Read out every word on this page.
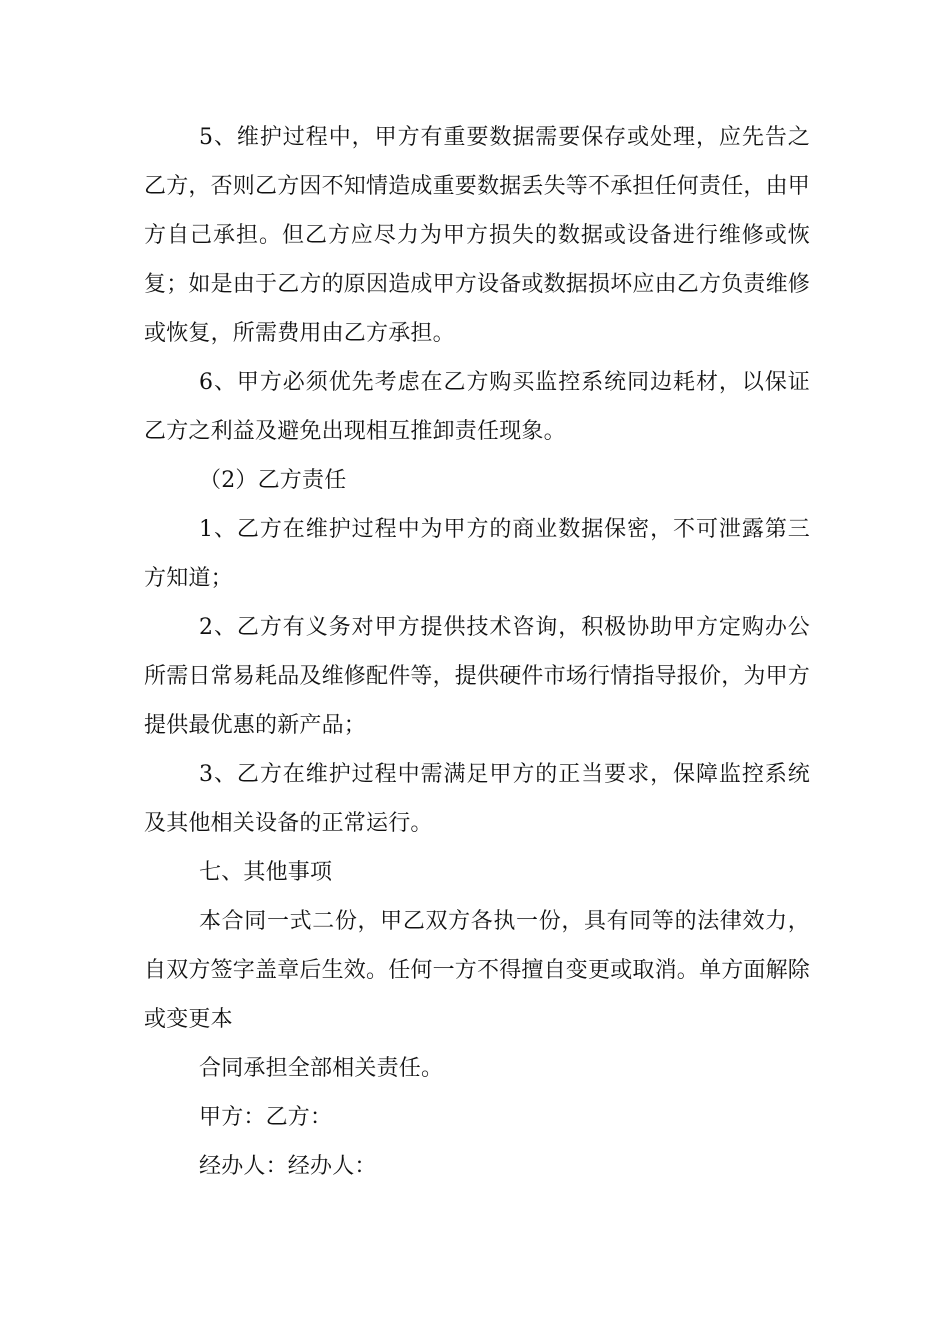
5、维护过程中，甲方有重要数据需要保存或处理，应先告之乙方，否则乙方因不知情造成重要数据丢失等不承担任何责任，由甲方自己承担。但乙方应尽力为甲方损失的数据或设备进行维修或恢复；如是由于乙方的原因造成甲方设备或数据损坏应由乙方负责维修或恢复，所需费用由乙方承担。

6、甲方必须优先考虑在乙方购买监控系统同边耗材，以保证乙方之利益及避免出现相互推卸责任现象。

（2）乙方责任

1、乙方在维护过程中为甲方的商业数据保密，不可泄露第三方知道；

2、乙方有义务对甲方提供技术咨询，积极协助甲方定购办公所需日常易耗品及维修配件等，提供硬件市场行情指导报价，为甲方提供最优惠的新产品；

3、乙方在维护过程中需满足甲方的正当要求，保障监控系统及其他相关设备的正常运行。

七、其他事项

本合同一式二份，甲乙双方各执一份，具有同等的法律效力，自双方签字盖章后生效。任何一方不得擅自变更或取消。单方面解除或变更本

合同承担全部相关责任。

甲方：乙方：

经办人：经办人：
